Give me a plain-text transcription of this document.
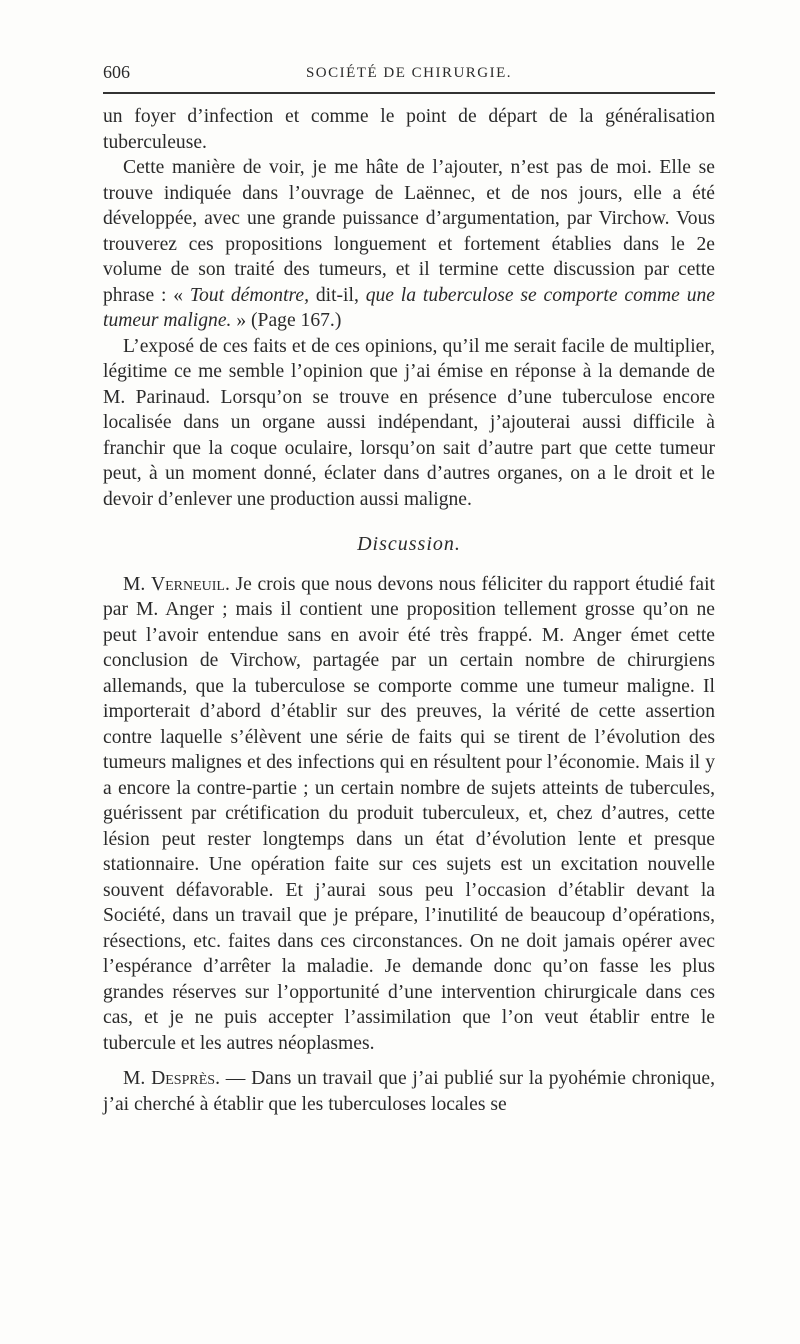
606	SOCIÉTÉ DE CHIRURGIE.

un foyer d’infection et comme le point de départ de la généralisation tuberculeuse.

Cette manière de voir, je me hâte de l’ajouter, n’est pas de moi. Elle se trouve indiquée dans l’ouvrage de Laënnec, et de nos jours, elle a été développée, avec une grande puissance d’argumentation, par Virchow. Vous trouverez ces propositions longuement et fortement établies dans le 2e volume de son traité des tumeurs, et il termine cette discussion par cette phrase : « Tout démontre, dit-il, que la tuberculose se comporte comme une tumeur maligne. » (Page 167.)

L’exposé de ces faits et de ces opinions, qu’il me serait facile de multiplier, légitime ce me semble l’opinion que j’ai émise en réponse à la demande de M. Parinaud. Lorsqu’on se trouve en présence d’une tuberculose encore localisée dans un organe aussi indépendant, j’ajouterai aussi difficile à franchir que la coque oculaire, lorsqu’on sait d’autre part que cette tumeur peut, à un moment donné, éclater dans d’autres organes, on a le droit et le devoir d’enlever une production aussi maligne.

Discussion.

M. Verneuil. Je crois que nous devons nous féliciter du rapport étudié fait par M. Anger ; mais il contient une proposition tellement grosse qu’on ne peut l’avoir entendue sans en avoir été très frappé. M. Anger émet cette conclusion de Virchow, partagée par un certain nombre de chirurgiens allemands, que la tuberculose se comporte comme une tumeur maligne. Il importerait d’abord d’établir sur des preuves, la vérité de cette assertion contre laquelle s’élèvent une série de faits qui se tirent de l’évolution des tumeurs malignes et des infections qui en résultent pour l’économie. Mais il y a encore la contre-partie ; un certain nombre de sujets atteints de tubercules, guérissent par crétification du produit tuberculeux, et, chez d’autres, cette lésion peut rester longtemps dans un état d’évolution lente et presque stationnaire. Une opération faite sur ces sujets est un excitation nouvelle souvent défavorable. Et j’aurai sous peu l’occasion d’établir devant la Société, dans un travail que je prépare, l’inutilité de beaucoup d’opérations, résections, etc. faites dans ces circonstances. On ne doit jamais opérer avec l’espérance d’arrêter la maladie. Je demande donc qu’on fasse les plus grandes réserves sur l’opportunité d’une intervention chirurgicale dans ces cas, et je ne puis accepter l’assimilation que l’on veut établir entre le tubercule et les autres néoplasmes.

M. Desprès. — Dans un travail que j’ai publié sur la pyohémie chronique, j’ai cherché à établir que les tuberculoses locales se
